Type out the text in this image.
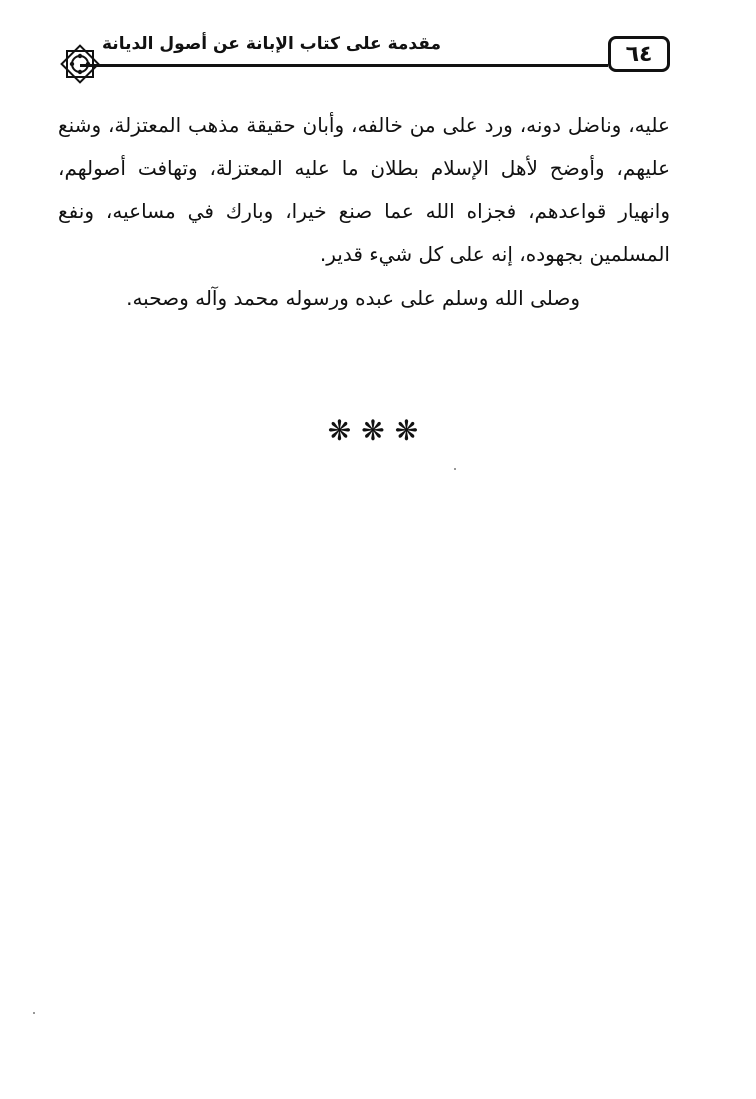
مقدمة على كتاب الإبانة عن أصول الديانة	٦٤

عليه، وناضل دونه، ورد على من خالفه، وأبان حقيقة مذهب المعتزلة، وشنع عليهم، وأوضح لأهل الإسلام بطلان ما عليه المعتزلة، وتهافت أصولهم، وانهيار قواعدهم، فجزاه الله عما صنع خيرا، وبارك في مساعيه، ونفع المسلمين بجهوده، إنه على كل شيء قدير.

وصلى الله وسلم على عبده ورسوله محمد وآله وصحبه.
❋❋❋
